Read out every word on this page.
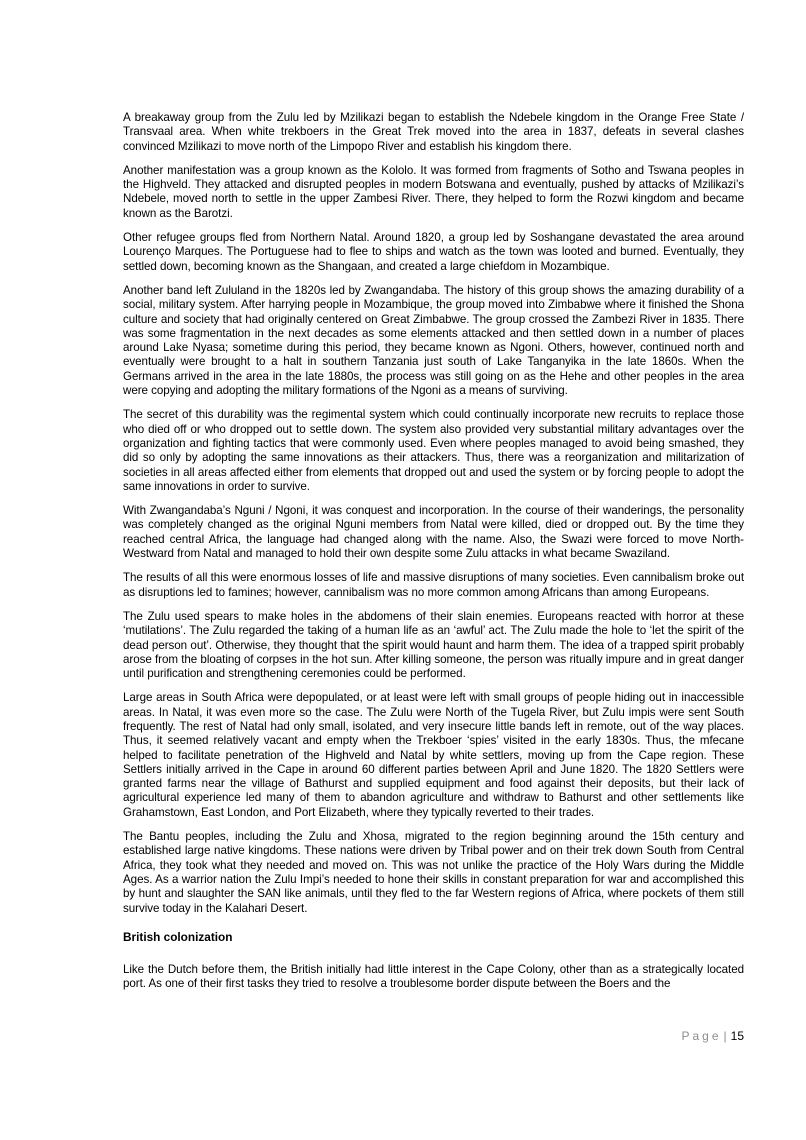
A breakaway group from the Zulu led by Mzilikazi began to establish the Ndebele kingdom in the Orange Free State / Transvaal area. When white trekboers in the Great Trek moved into the area in 1837, defeats in several clashes convinced Mzilikazi to move north of the Limpopo River and establish his kingdom there.

Another manifestation was a group known as the Kololo. It was formed from fragments of Sotho and Tswana peoples in the Highveld. They attacked and disrupted peoples in modern Botswana and eventually, pushed by attacks of Mzilikazi’s Ndebele, moved north to settle in the upper Zambesi River. There, they helped to form the Rozwi kingdom and became known as the Barotzi.

Other refugee groups fled from Northern Natal. Around 1820, a group led by Soshangane devastated the area around Lourenço Marques. The Portuguese had to flee to ships and watch as the town was looted and burned. Eventually, they settled down, becoming known as the Shangaan, and created a large chiefdom in Mozambique.

Another band left Zululand in the 1820s led by Zwangandaba. The history of this group shows the amazing durability of a social, military system. After harrying people in Mozambique, the group moved into Zimbabwe where it finished the Shona culture and society that had originally centered on Great Zimbabwe. The group crossed the Zambezi River in 1835. There was some fragmentation in the next decades as some elements attacked and then settled down in a number of places around Lake Nyasa; sometime during this period, they became known as Ngoni. Others, however, continued north and eventually were brought to a halt in southern Tanzania just south of Lake Tanganyika in the late 1860s. When the Germans arrived in the area in the late 1880s, the process was still going on as the Hehe and other peoples in the area were copying and adopting the military formations of the Ngoni as a means of surviving.

The secret of this durability was the regimental system which could continually incorporate new recruits to replace those who died off or who dropped out to settle down. The system also provided very substantial military advantages over the organization and fighting tactics that were commonly used. Even where peoples managed to avoid being smashed, they did so only by adopting the same innovations as their attackers. Thus, there was a reorganization and militarization of societies in all areas affected either from elements that dropped out and used the system or by forcing people to adopt the same innovations in order to survive.

With Zwangandaba’s Nguni / Ngoni, it was conquest and incorporation. In the course of their wanderings, the personality was completely changed as the original Nguni members from Natal were killed, died or dropped out. By the time they reached central Africa, the language had changed along with the name. Also, the Swazi were forced to move North-Westward from Natal and managed to hold their own despite some Zulu attacks in what became Swaziland.

The results of all this were enormous losses of life and massive disruptions of many societies. Even cannibalism broke out as disruptions led to famines; however, cannibalism was no more common among Africans than among Europeans.

The Zulu used spears to make holes in the abdomens of their slain enemies. Europeans reacted with horror at these ‘mutilations’. The Zulu regarded the taking of a human life as an ‘awful’ act. The Zulu made the hole to ‘let the spirit of the dead person out’. Otherwise, they thought that the spirit would haunt and harm them. The idea of a trapped spirit probably arose from the bloating of corpses in the hot sun. After killing someone, the person was ritually impure and in great danger until purification and strengthening ceremonies could be performed.

Large areas in South Africa were depopulated, or at least were left with small groups of people hiding out in inaccessible areas. In Natal, it was even more so the case. The Zulu were North of the Tugela River, but Zulu impis were sent South frequently. The rest of Natal had only small, isolated, and very insecure little bands left in remote, out of the way places. Thus, it seemed relatively vacant and empty when the Trekboer ‘spies’ visited in the early 1830s. Thus, the mfecane helped to facilitate penetration of the Highveld and Natal by white settlers, moving up from the Cape region. These Settlers initially arrived in the Cape in around 60 different parties between April and June 1820. The 1820 Settlers were granted farms near the village of Bathurst and supplied equipment and food against their deposits, but their lack of agricultural experience led many of them to abandon agriculture and withdraw to Bathurst and other settlements like Grahamstown, East London, and Port Elizabeth, where they typically reverted to their trades.

The Bantu peoples, including the Zulu and Xhosa, migrated to the region beginning around the 15th century and established large native kingdoms. These nations were driven by Tribal power and on their trek down South from Central Africa, they took what they needed and moved on. This was not unlike the practice of the Holy Wars during the Middle Ages. As a warrior nation the Zulu Impi’s needed to hone their skills in constant preparation for war and accomplished this by hunt and slaughter the SAN like animals, until they fled to the far Western regions of Africa, where pockets of them still survive today in the Kalahari Desert.

British colonization

Like the Dutch before them, the British initially had little interest in the Cape Colony, other than as a strategically located port. As one of their first tasks they tried to resolve a troublesome border dispute between the Boers and the

Page | 15
